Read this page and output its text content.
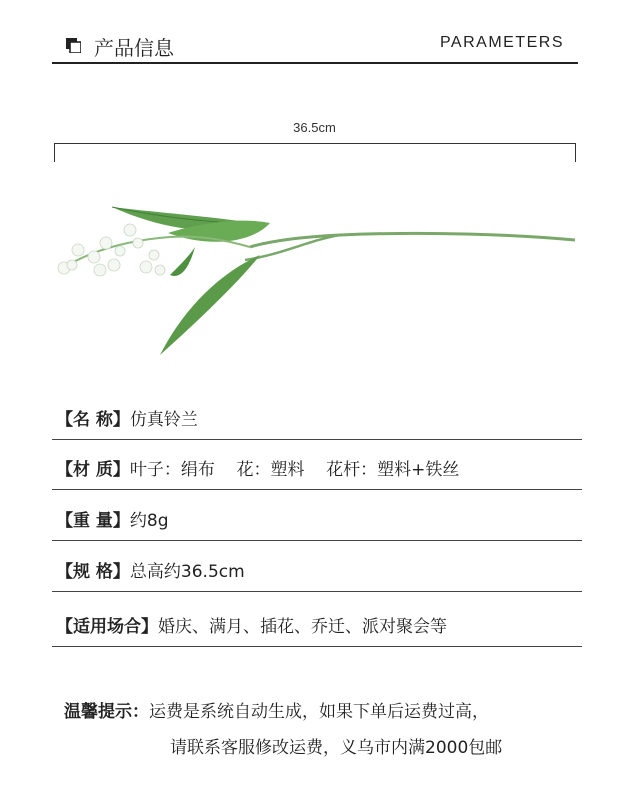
产品信息	PARAMETERS
36.5cm
【名 称】仿真铃兰
【材 质】叶子：绢布    花：塑料    花杆：塑料+铁丝
【重 量】约8g
【规 格】总高约36.5cm
【适用场合】婚庆、满月、插花、乔迁、派对聚会等
温馨提示：运费是系统自动生成，如果下单后运费过高，
请联系客服修改运费，义乌市内满2000包邮
